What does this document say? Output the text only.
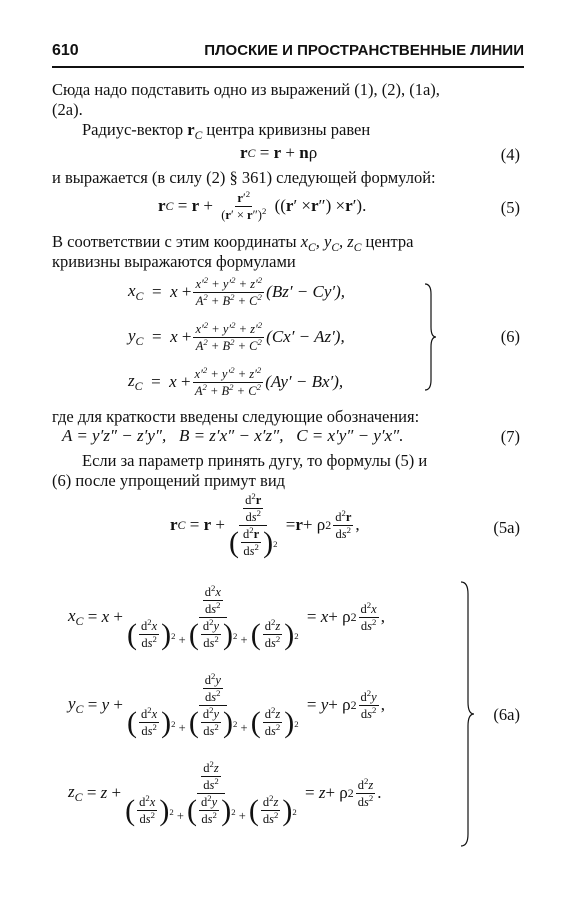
610	ПЛОСКИЕ И ПРОСТРАНСТВЕННЫЕ ЛИНИИ
Сюда надо подставить одно из выражений (1), (2), (1а),
(2а).
Радиус-вектор $r_C$ центра кривизны равен
r C = r + n ρ	(4)
и выражается (в силу (2) § 361) следующей формулой:
r $C = r + \frac{r'^2}{(r' \times r'')^2}$ (( r ′ × r ″) × r ′).	(5)
В соответствии с этим координаты $x_C$, $y_C$, $z_C$ центра
кривизны выражаются формулами
$x_C = x + \frac{x'^2 + y'^2 + z'^2}{A^2 + B^2 + C^2} (Bz' - Cy')$,
$y_C = x + \frac{x'^2 + y'^2 + z'^2}{A^2 + B^2 + C^2} (Cx' - Az')$,
$z_C = x + \frac{x'^2 + y'^2 + z'^2}{A^2 + B^2 + C^2} (Ay' - Bx')$,
(6)
где для краткости введены следующие обозначения:
A = y′z″ − z′y″,   B = z′x″ − x′z″,   C = x′y″ − y′x″.	(7)
Если за параметр принять дугу, то формулы (5) и
(6) после упрощений примут вид
r $C = r + \frac{\frac{d^2r}{ds^2}}{( \frac{d^2r}{ds^2} ) ^2} = r + \rho$ $2 \frac{d^2r}{ds^2}$ ,	(5а)
$x_C = x + \frac{\frac{d^2x}{ds^2}}{( \frac{d^2x}{ds^2} ) ^2 + ( \frac{d^2y}{ds^2} ) ^2 + ( \frac{d^2z}{ds^2} ) ^2} = x + \rho$ $2 \frac{d^2x}{ds^2}$ ,
$y_C = y + \frac{\frac{d^2y}{ds^2}}{( \frac{d^2x}{ds^2} ) ^2 + ( \frac{d^2y}{ds^2} ) ^2 + ( \frac{d^2z}{ds^2} ) ^2} = y + \rho$ $2 \frac{d^2y}{ds^2}$ ,
$z_C = z + \frac{\frac{d^2z}{ds^2}}{( \frac{d^2x}{ds^2} ) ^2 + ( \frac{d^2y}{ds^2} ) ^2 + ( \frac{d^2z}{ds^2} ) ^2} = z + \rho$ $2 \frac{d^2z}{ds^2}$ .
(6а)
